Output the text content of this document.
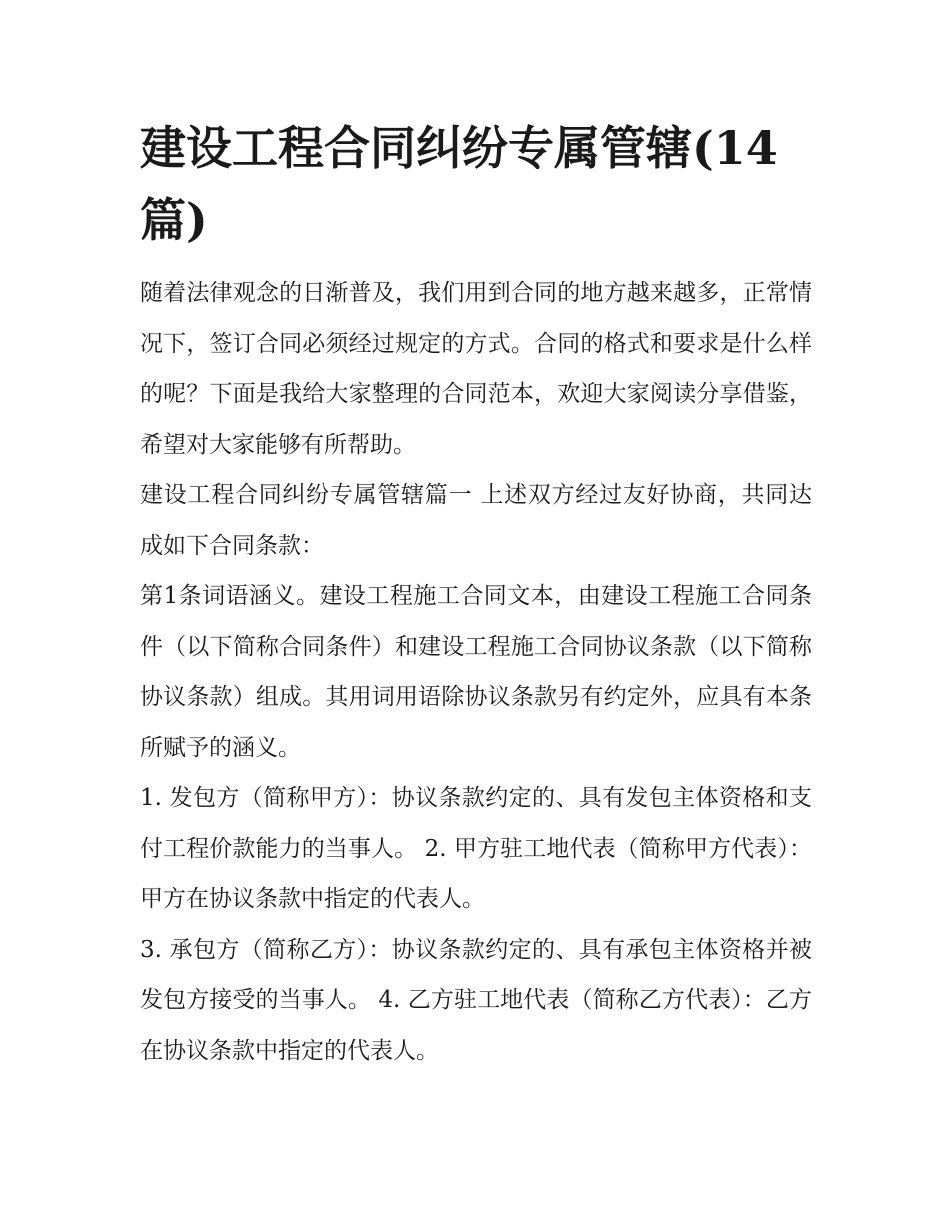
建设工程合同纠纷专属管辖(14篇)

随着法律观念的日渐普及，我们用到合同的地方越来越多，正常情况下，签订合同必须经过规定的方式。合同的格式和要求是什么样的呢？下面是我给大家整理的合同范本，欢迎大家阅读分享借鉴，希望对大家能够有所帮助。

建设工程合同纠纷专属管辖篇一 上述双方经过友好协商，共同达成如下合同条款：

第1条词语涵义。建设工程施工合同文本，由建设工程施工合同条件（以下简称合同条件）和建设工程施工合同协议条款（以下简称协议条款）组成。其用词用语除协议条款另有约定外，应具有本条所赋予的涵义。

1. 发包方（简称甲方）：协议条款约定的、具有发包主体资格和支付工程价款能力的当事人。 2. 甲方驻工地代表（简称甲方代表）：甲方在协议条款中指定的代表人。

3. 承包方（简称乙方）：协议条款约定的、具有承包主体资格并被发包方接受的当事人。 4. 乙方驻工地代表（简称乙方代表）：乙方在协议条款中指定的代表人。
